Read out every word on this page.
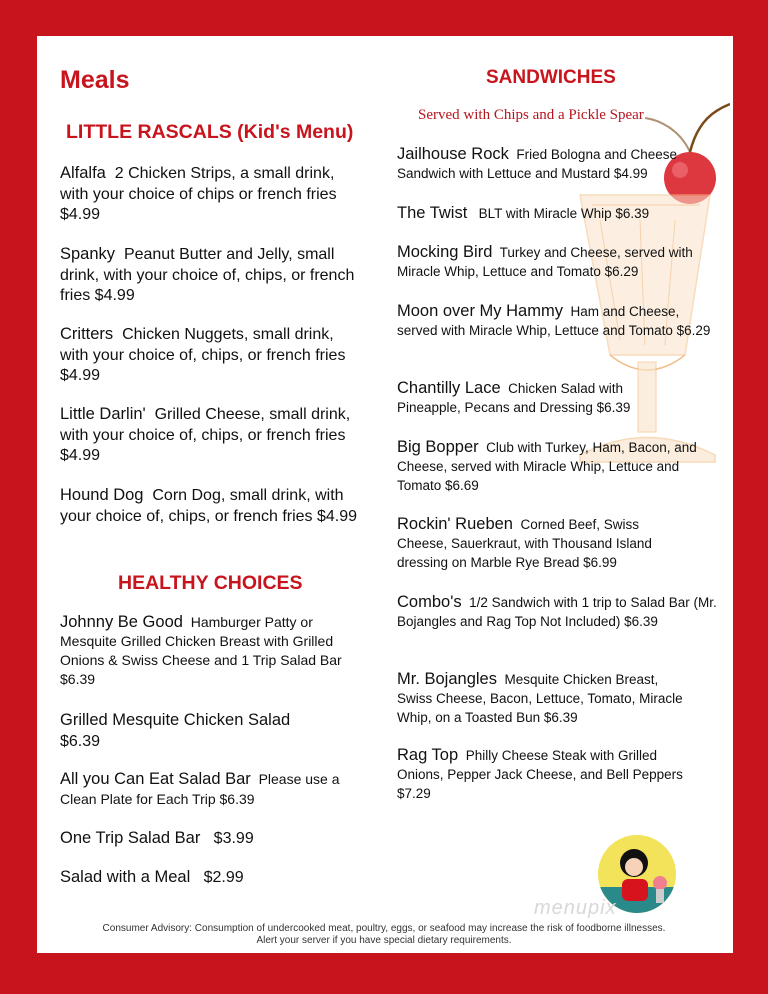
Meals
LITTLE RASCALS (Kid's Menu)
Alfalfa 2 Chicken Strips, a small drink, with your choice of chips or french fries $4.99
Spanky Peanut Butter and Jelly, small drink, with your choice of, chips, or french fries $4.99
Critters Chicken Nuggets, small drink, with your choice of, chips, or french fries $4.99
Little Darlin' Grilled Cheese, small drink, with your choice of, chips, or french fries $4.99
Hound Dog Corn Dog, small drink, with your choice of, chips, or french fries $4.99
HEALTHY CHOICES
Johnny Be Good Hamburger Patty or Mesquite Grilled Chicken Breast with Grilled Onions & Swiss Cheese and 1 Trip Salad Bar $6.39
Grilled Mesquite Chicken Salad $6.39
All you Can Eat Salad Bar Please use a Clean Plate for Each Trip $6.39
One Trip Salad Bar $3.99
Salad with a Meal $2.99
SANDWICHES
Served with Chips and a Pickle Spear
Jailhouse Rock Fried Bologna and Cheese Sandwich with Lettuce and Mustard $4.99
The Twist BLT with Miracle Whip $6.39
Mocking Bird Turkey and Cheese, served with Miracle Whip, Lettuce and Tomato $6.29
Moon over My Hammy Ham and Cheese, served with Miracle Whip, Lettuce and Tomato $6.29
Chantilly Lace Chicken Salad with Pineapple, Pecans and Dressing $6.39
Big Bopper Club with Turkey, Ham, Bacon, and Cheese, served with Miracle Whip, Lettuce and Tomato $6.69
Rockin' Rueben Corned Beef, Swiss Cheese, Sauerkraut, with Thousand Island dressing on Marble Rye Bread $6.99
Combo's 1/2 Sandwich with 1 trip to Salad Bar (Mr. Bojangles and Rag Top Not Included) $6.39
Mr. Bojangles Mesquite Chicken Breast, Swiss Cheese, Bacon, Lettuce, Tomato, Miracle Whip, on a Toasted Bun $6.39
Rag Top Philly Cheese Steak with Grilled Onions, Pepper Jack Cheese, and Bell Peppers $7.29
menupix
Consumer Advisory: Consumption of undercooked meat, poultry, eggs, or seafood may increase the risk of foodborne illnesses.
Alert your server if you have special dietary requirements.
